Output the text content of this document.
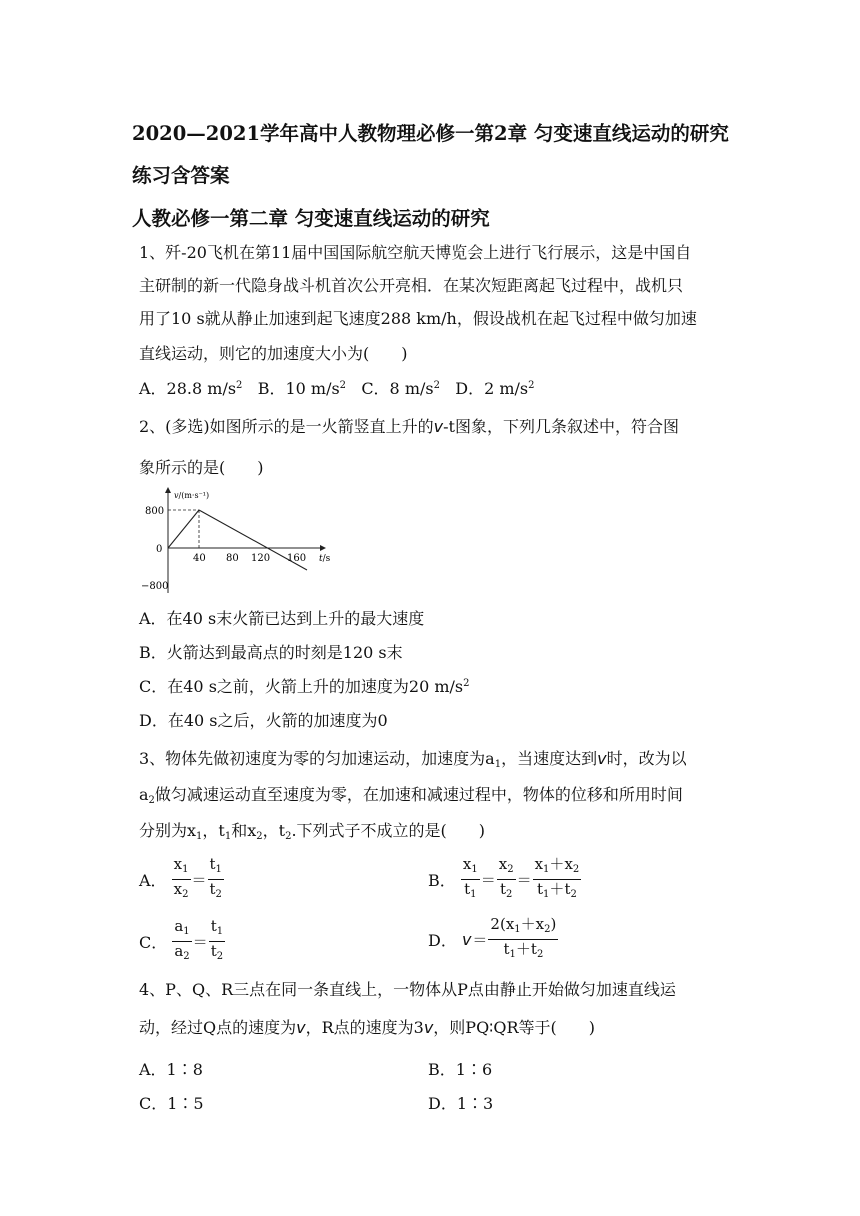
2020—2021学年高中人教物理必修一第2章 匀变速直线运动的研究
练习含答案
人教必修一第二章 匀变速直线运动的研究
1、歼-20飞机在第11届中国国际航空航天博览会上进行飞行展示，这是中国自
主研制的新一代隐身战斗机首次公开亮相．在某次短距离起飞过程中，战机只
用了10 s就从静止加速到起飞速度288 km/h，假设战机在起飞过程中做匀加速
直线运动，则它的加速度大小为(　　)
A．28.8 $m/s^2$ B．10 $m/s^2$ C．8 $m/s^2$ D．2 $m/s^2$
2、(多选)如图所示的是一火箭竖直上升的v-t图象，下列几条叙述中，符合图
象所示的是(　　)
v/(m·s⁻¹)
800
0
−800
40 80 120 160 t/s
A．在40 s末火箭已达到上升的最大速度
B．火箭达到最高点的时刻是120 s末
C．在40 s之前，火箭上升的加速度为20 $m/s^2$
D．在40 s之后，火箭的加速度为0
3、物体先做初速度为零的匀加速运动，加速度为$a_1$，当速度达到v时，改为以
$a_2$做匀减速运动直至速度为零，在加速和减速过程中，物体的位移和所用时间
分别为$x_1$，$t_1$和$x_2$，$t_2$.下列式子不成立的是(　　)
A． $\frac{x_1}{x_2} = \frac{t_1}{t_2}$	B． $\frac{x_1}{t_1} = \frac{x_2}{t_2} = \frac{x_1+x_2}{t_1+t_2}$
C． $\frac{a_1}{a_2} = \frac{t_1}{t_2}$	D． $v= \frac{2(x_1+x_2)}{t_1+t_2}$
4、P、Q、R三点在同一条直线上，一物体从P点由静止开始做匀加速直线运
动，经过Q点的速度为v，R点的速度为3v，则PQ∶QR等于(　　)
A．1∶8	B．1∶6
C．1∶5	D．1∶3
